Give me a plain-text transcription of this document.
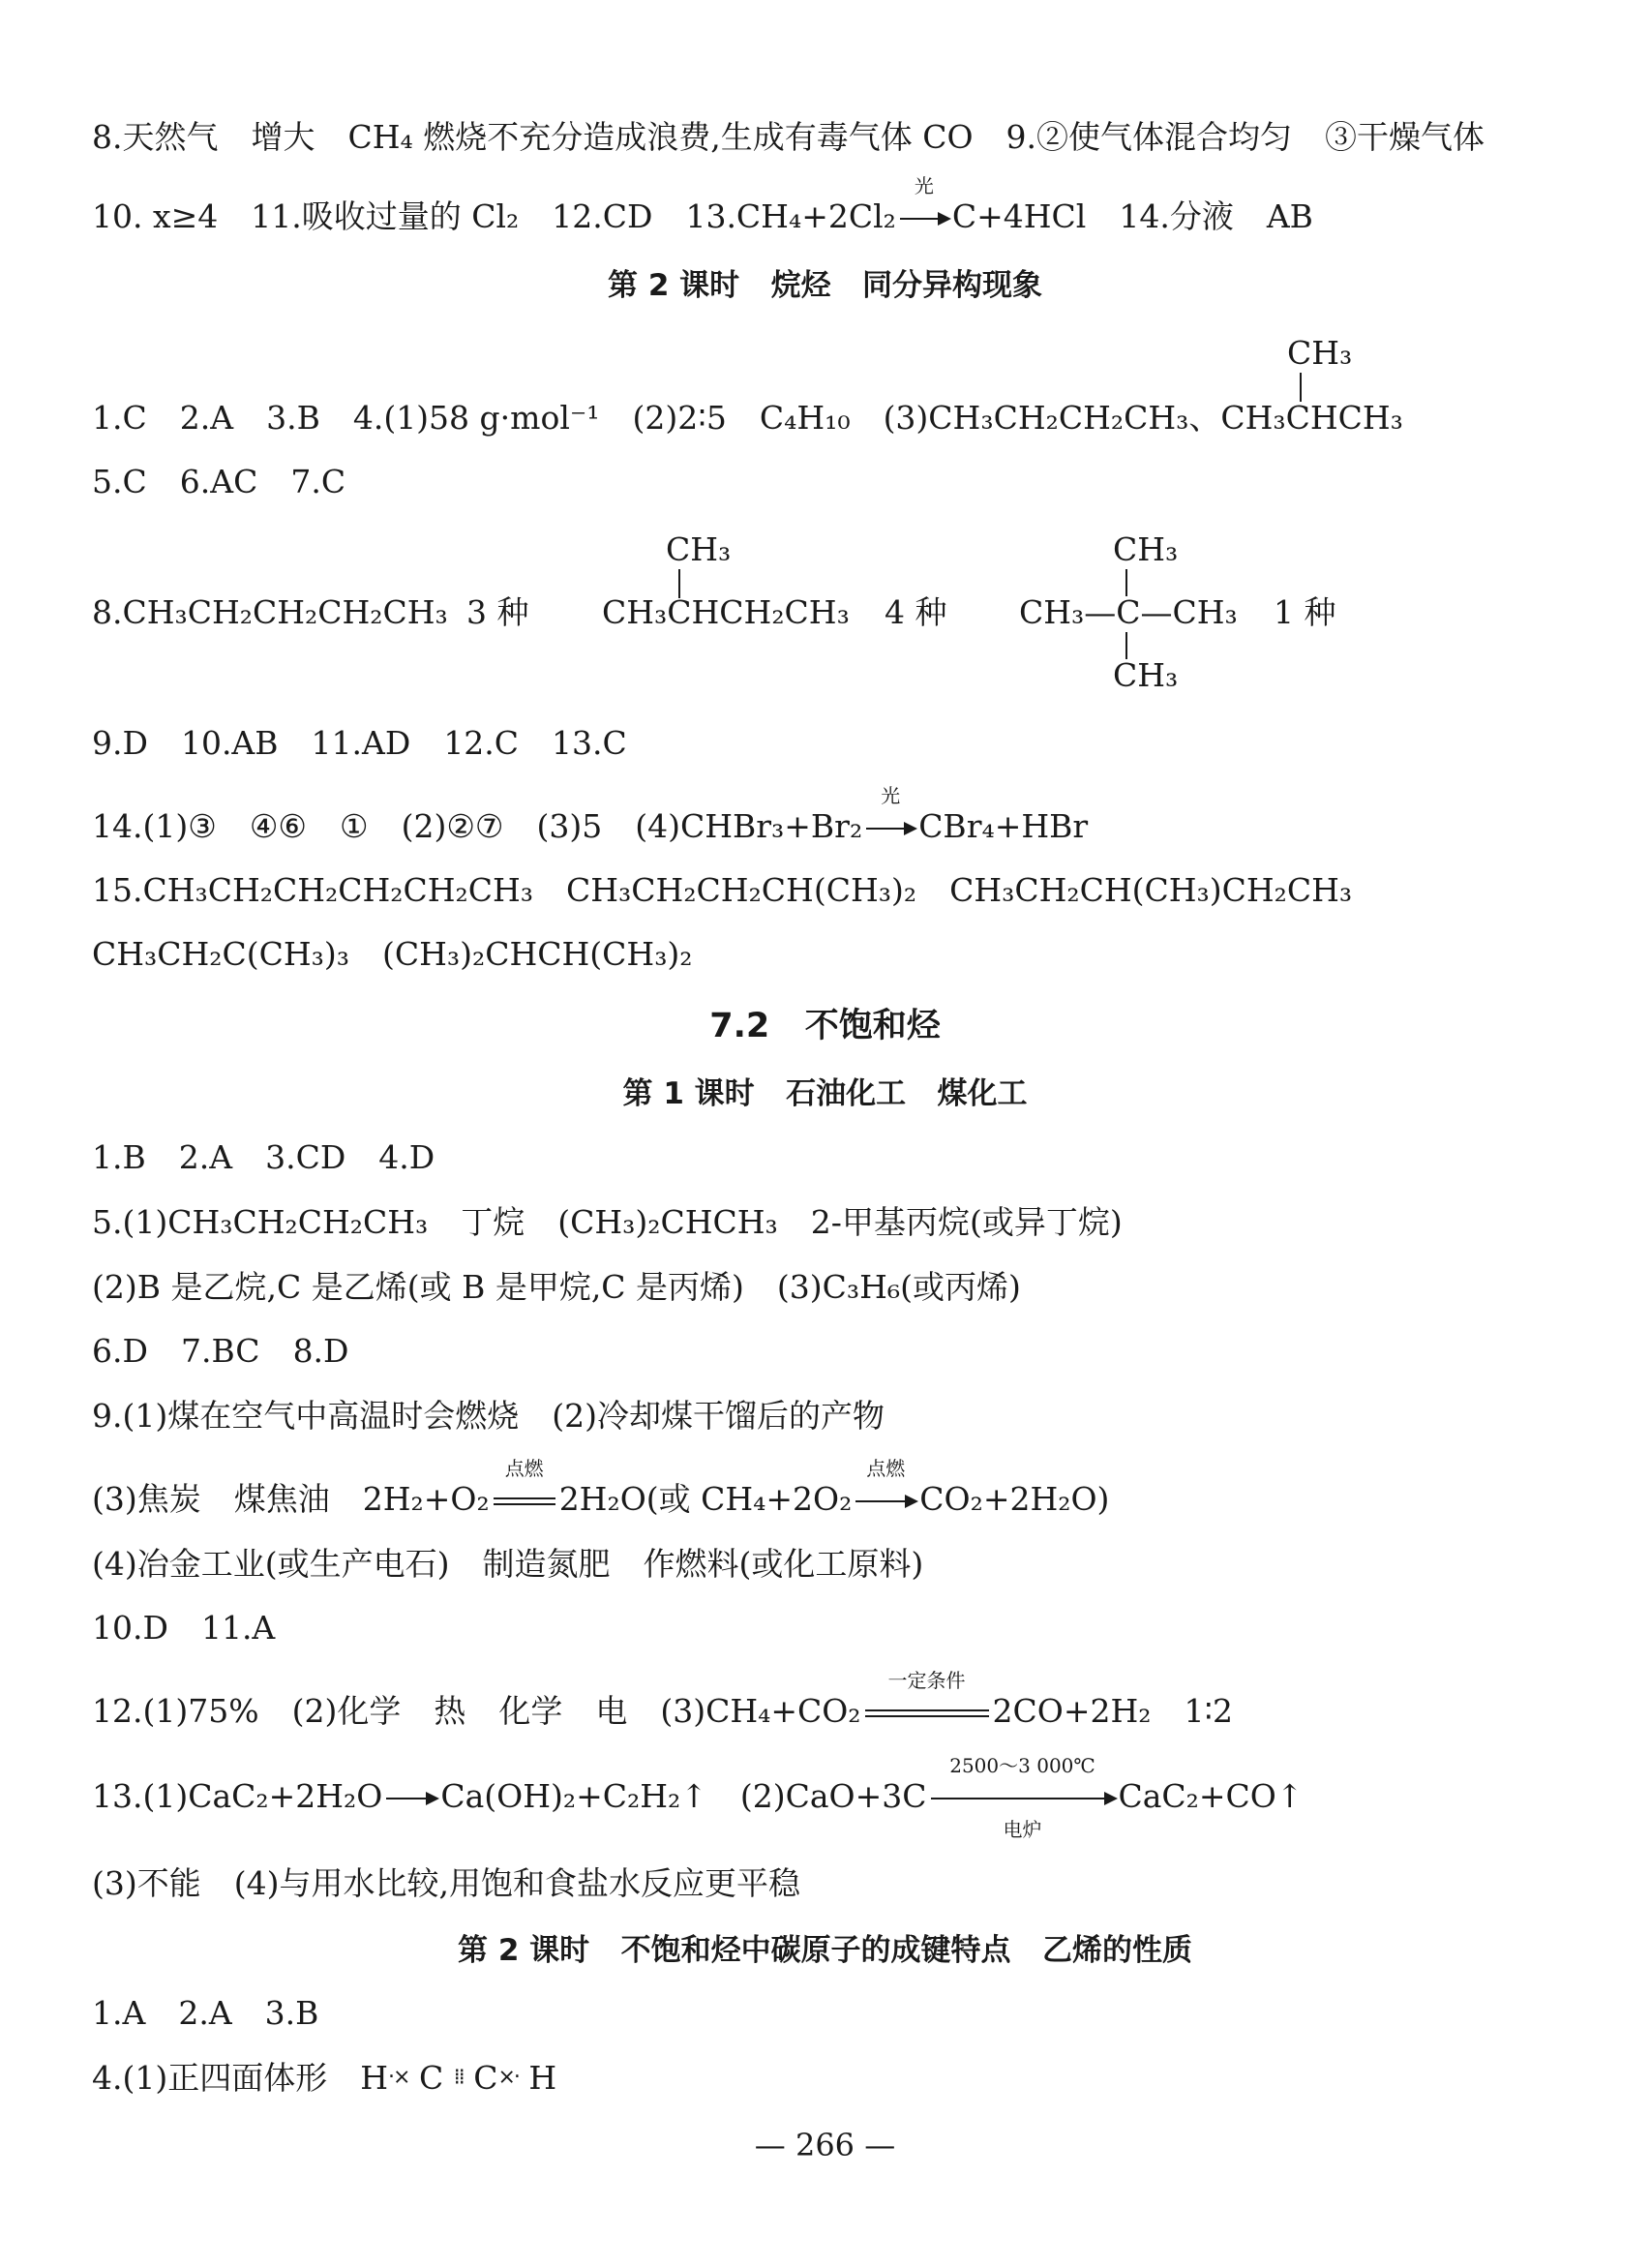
8.天然气 增大 CH₄ 燃烧不充分造成浪费,生成有毒气体 CO 9.②使气体混合均匀 ③干燥气体
10. x≥4 11.吸收过量的 Cl₂ 12.CD 13.CH₄+2Cl₂
光
C+4HCl 14.分液 AB
第 2 课时   烷烃   同分异构现象
CH₃
1.C 2.A 3.B 4.(1)58 g·mol⁻¹ (2)2∶5 C₄H₁₀ (3)CH₃CH₂CH₂CH₃、CH₃CHCH₃
5.C 6.AC 7.C
8.CH₃CH₂CH₂CH₂CH₃ 3 种
CH₃
CH₃CHCH₂CH₃ 4 种
CH₃
CH₃—C—CH₃
CH₃
1 种
9.D 10.AB 11.AD 12.C 13.C
14.(1)③ ④⑥ ① (2)②⑦ (3)5 (4)CHBr₃+Br₂
光
CBr₄+HBr
15.CH₃CH₂CH₂CH₂CH₂CH₃ CH₃CH₂CH₂CH(CH₃)₂ CH₃CH₂CH(CH₃)CH₂CH₃
CH₃CH₂C(CH₃)₃ (CH₃)₂CHCH(CH₃)₂
7.2   不饱和烃
第 1 课时   石油化工   煤化工
1.B 2.A 3.CD 4.D
5.(1)CH₃CH₂CH₂CH₃ 丁烷 (CH₃)₂CHCH₃ 2-甲基丙烷(或异丁烷)
(2)B 是乙烷,C 是乙烯(或 B 是甲烷,C 是丙烯) (3)C₃H₆(或丙烯)
6.D 7.BC 8.D
9.(1)煤在空气中高温时会燃烧 (2)冷却煤干馏后的产物
(3)焦炭 煤焦油 2H₂+O₂
点燃
2H₂O(或 CH₄+2O₂
点燃
CO₂+2H₂O)
(4)冶金工业(或生产电石) 制造氮肥 作燃料(或化工原料)
10.D 11.A
12.(1)75% (2)化学 热 化学 电 (3)CH₄+CO₂
一定条件
2CO+2H₂ 1∶2
13.(1)CaC₂+2H₂O → Ca(OH)₂+C₂H₂↑ (2)CaO+3C
2500～3 000℃
电炉
CaC₂+CO↑
(3)不能 (4)与用水比较,用饱和食盐水反应更平稳
第 2 课时   不饱和烃中碳原子的成键特点   乙烯的性质
1.A 2.A 3.B
4.(1)正四面体形 H·× C ⁞⁞ C×· H
— 266 —
